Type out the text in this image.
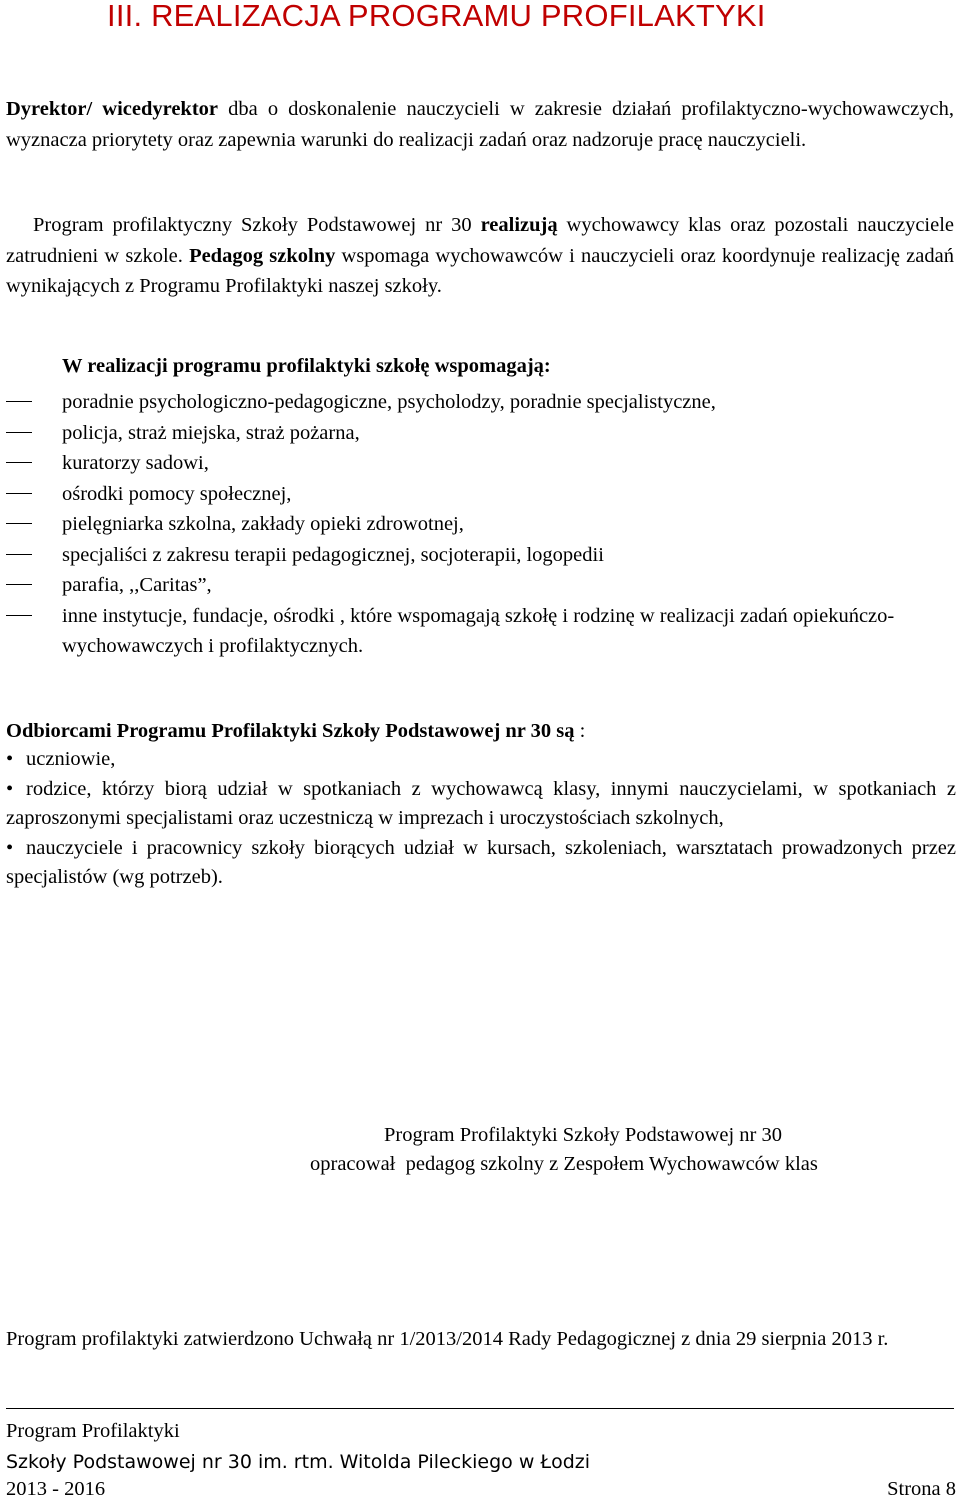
III. REALIZACJA PROGRAMU PROFILAKTYKI

Dyrektor/ wicedyrektor dba o doskonalenie nauczycieli w zakresie działań profilaktyczno-wychowawczych, wyznacza priorytety oraz zapewnia warunki do realizacji zadań oraz nadzoruje pracę nauczycieli.

Program profilaktyczny Szkoły Podstawowej nr 30 realizują wychowawcy klas oraz pozostali nauczyciele zatrudnieni w szkole. Pedagog szkolny wspomaga wychowawców i nauczycieli oraz koordynuje realizację zadań wynikających z Programu Profilaktyki naszej szkoły.

W realizacji programu profilaktyki szkołę wspomagają:

poradnie psychologiczno-pedagogiczne, psycholodzy, poradnie specjalistyczne,
policja, straż miejska, straż pożarna,
kuratorzy sadowi,
ośrodki pomocy społecznej,
pielęgniarka szkolna, zakłady opieki zdrowotnej,
specjaliści z zakresu terapii pedagogicznej, socjoterapii, logopedii
parafia, ,,Caritas”,
inne instytucje, fundacje, ośrodki , które wspomagają szkołę i rodzinę w realizacji zadań opiekuńczo-wychowawczych i profilaktycznych.

Odbiorcami Programu Profilaktyki Szkoły Podstawowej nr 30 są :

• uczniowie,
• rodzice, którzy biorą udział w spotkaniach z wychowawcą klasy, innymi nauczycielami, w spotkaniach z zaproszonymi specjalistami oraz uczestniczą w imprezach i uroczystościach szkolnych,
• nauczyciele i pracownicy szkoły biorących udział w kursach, szkoleniach, warsztatach prowadzonych przez specjalistów (wg potrzeb).
Program Profilaktyki Szkoły Podstawowej nr 30
opracował  pedagog szkolny z Zespołem Wychowawców klas

Program profilaktyki zatwierdzono Uchwałą nr 1/2013/2014 Rady Pedagogicznej z dnia 29 sierpnia 2013 r.

Program Profilaktyki
Szkoły Podstawowej nr 30 im. rtm. Witolda Pileckiego w Łodzi
2013 - 2016	Strona 8
